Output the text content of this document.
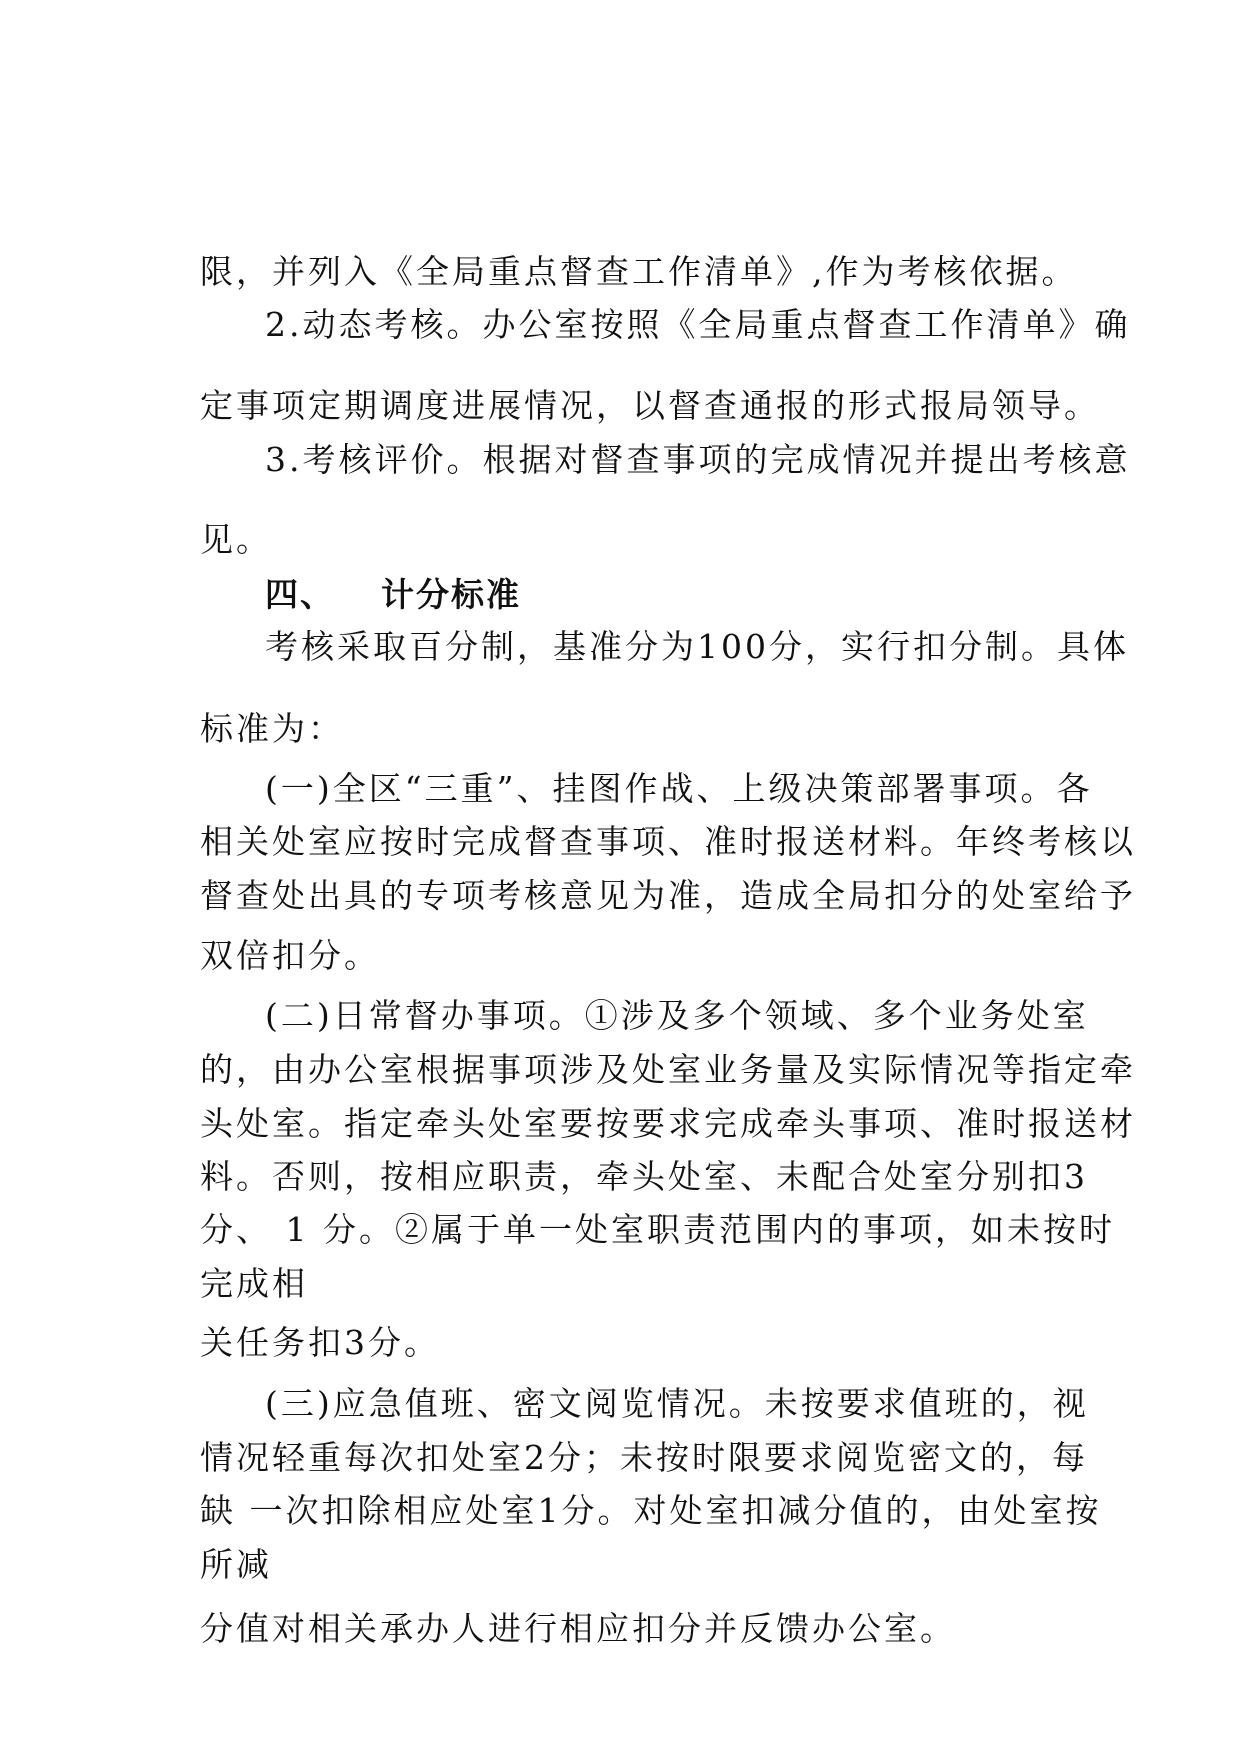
限，并列入《全局重点督查工作清单》,作为考核依据。
2.动态考核。办公室按照《全局重点督查工作清单》确
定事项定期调度进展情况，以督查通报的形式报局领导。
3.考核评价。根据对督查事项的完成情况并提出考核意
见。
四、 计分标准
考核采取百分制，基准分为100分，实行扣分制。具体
标准为：
(一)全区“三重”、挂图作战、上级决策部署事项。各
相关处室应按时完成督查事项、准时报送材料。年终考核以
督查处出具的专项考核意见为准，造成全局扣分的处室给予
双倍扣分。
(二)日常督办事项。①涉及多个领域、多个业务处室
的，由办公室根据事项涉及处室业务量及实际情况等指定牵
头处室。指定牵头处室要按要求完成牵头事项、准时报送材
料。否则，按相应职责，牵头处室、未配合处室分别扣3
分、 1 分。②属于单一处室职责范围内的事项，如未按时
完成相
关任务扣3分。
(三)应急值班、密文阅览情况。未按要求值班的，视
情况轻重每次扣处室2分；未按时限要求阅览密文的，每
缺 一次扣除相应处室1分。对处室扣减分值的，由处室按
所减
分值对相关承办人进行相应扣分并反馈办公室。
